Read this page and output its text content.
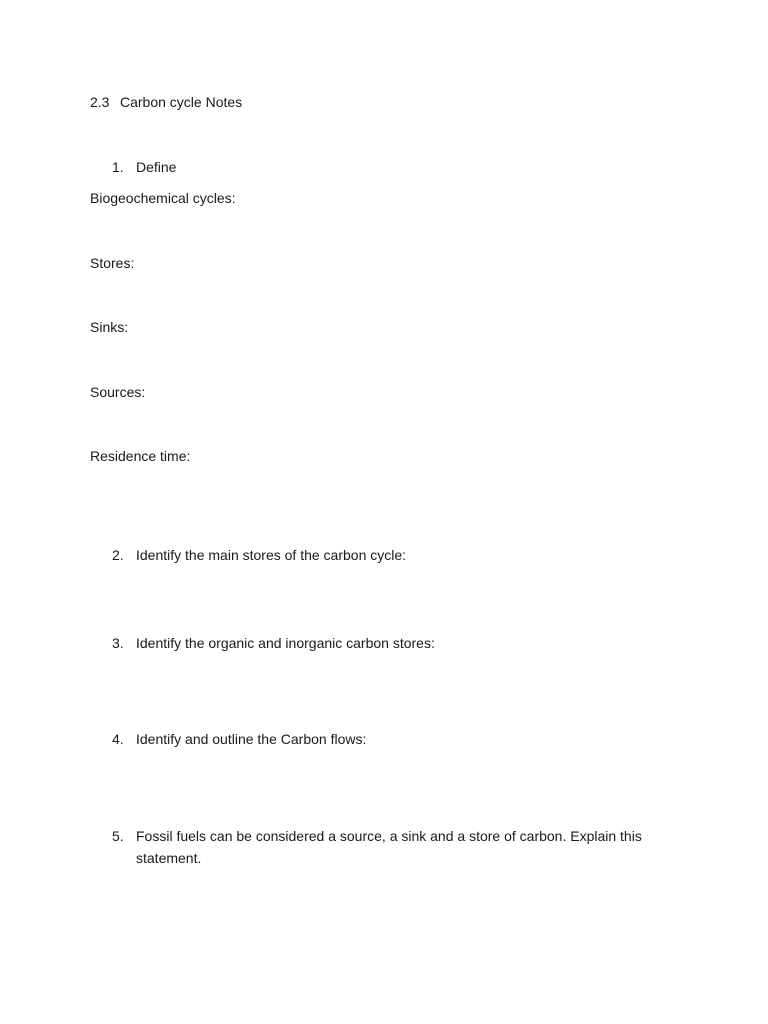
2.3 Carbon cycle Notes
1. Define
Biogeochemical cycles:
Stores:
Sinks:
Sources:
Residence time:
2. Identify the main stores of the carbon cycle:
3. Identify the organic and inorganic carbon stores:
4. Identify and outline the Carbon flows:
5. Fossil fuels can be considered a source, a sink and a store of carbon. Explain this statement.
